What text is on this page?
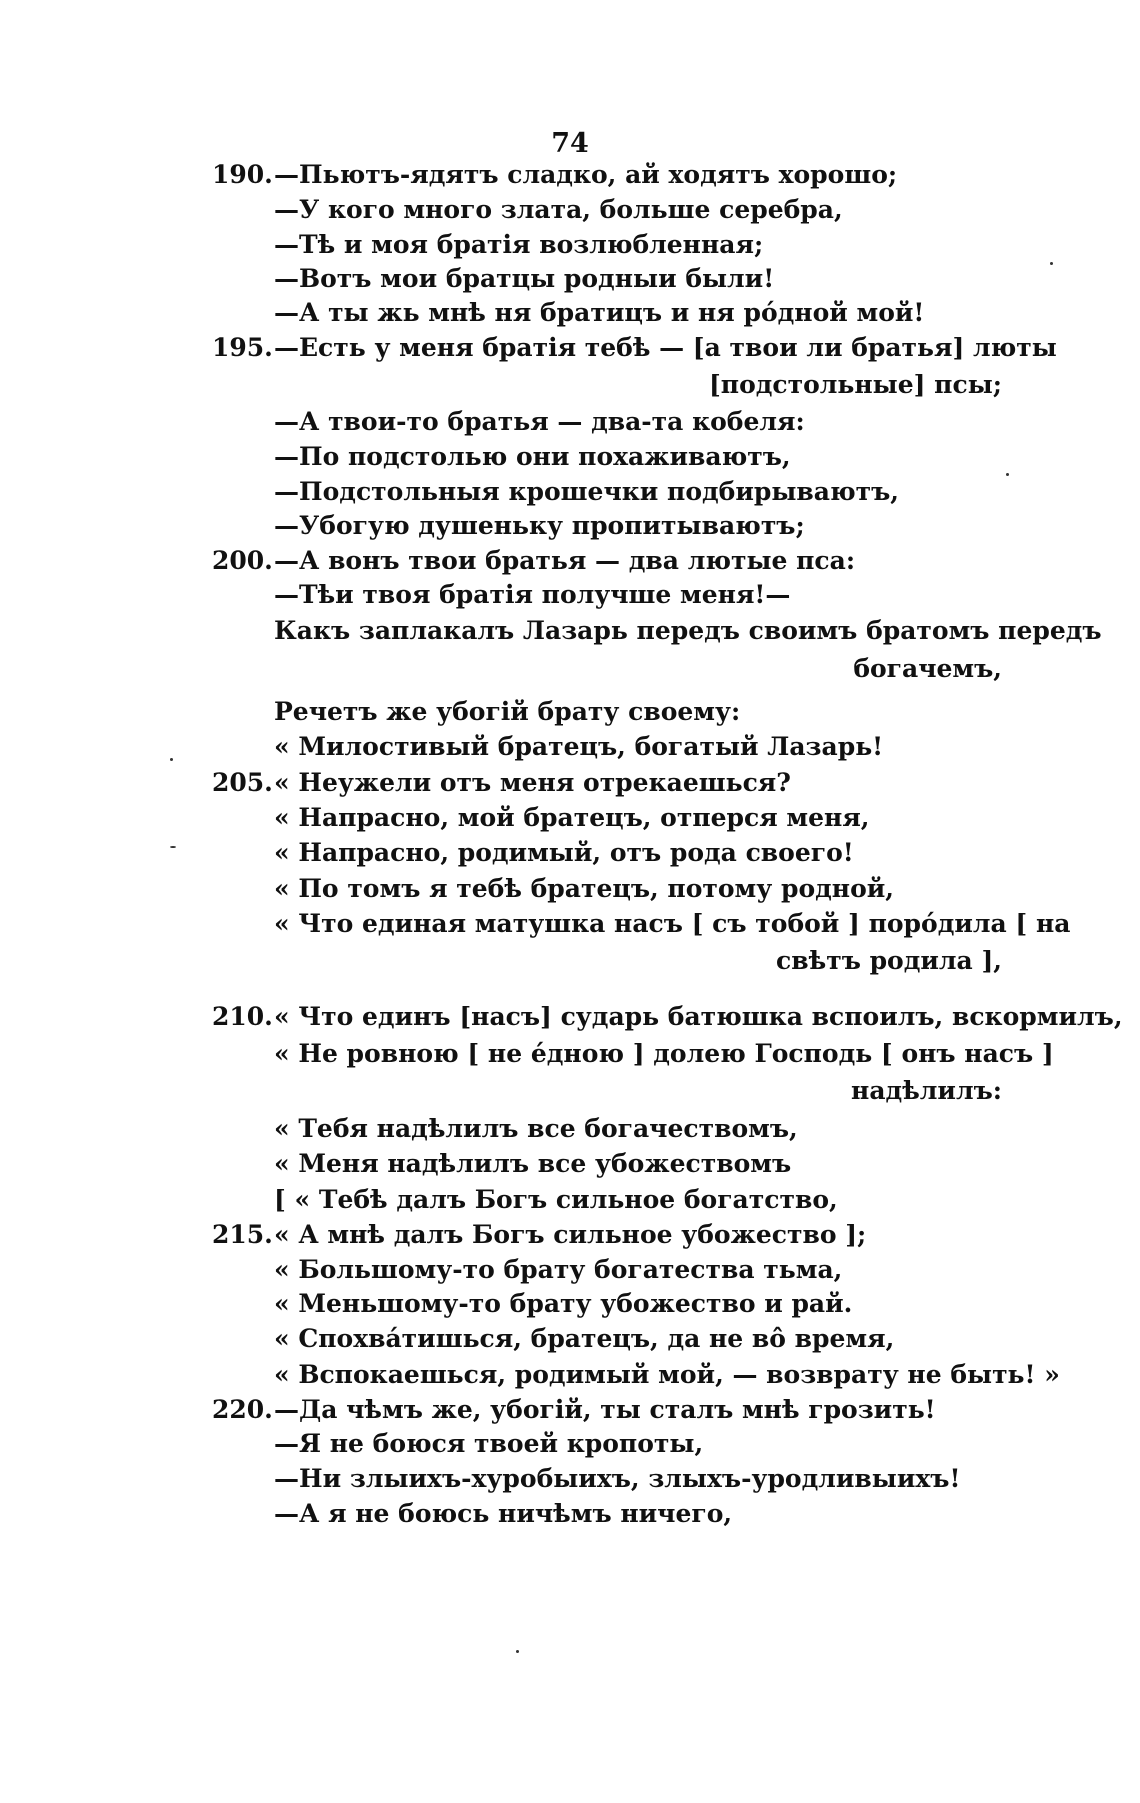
74
190.—Пьютъ-ядятъ сладко, ай ходятъ хорошо;
—У кого много злата, больше серебра,
—Тѣ и моя братія возлюбленная;
—Вотъ мои братцы родныи были!
—А ты жь мнѣ ня братицъ и ня ро́дной мой!
195.—Есть у меня братія тебѣ — [а твои ли братья] люты
[подстольные] псы;
—А твои-то братья — два-та кобеля:
—По подстолью они похаживаютъ,
—Подстольныя крошечки подбирываютъ,
—Убогую душеньку пропитываютъ;
200.—А вонъ твои братья — два лютые пса:
—Тѣи твоя братія получше меня!—
Какъ заплакалъ Лазарь передъ своимъ братомъ передъ
богачемъ,
Речетъ же убогій брату своему:
« Милостивый братецъ, богатый Лазарь!
205.« Неужели отъ меня отрекаешься?
« Напрасно, мой братецъ, отперся меня,
« Напрасно, родимый, отъ рода своего!
« По томъ я тебѣ братецъ, потому родной,
« Что единая матушка насъ [ съ тобой ] поро́дила [ на
свѣтъ родила ],
210.« Что единъ [насъ] сударь батюшка вспоилъ, вскормилъ,
« Не ровною [ не е́дною ] долею Господь [ онъ насъ ]
надѣлилъ:
« Тебя надѣлилъ все богачествомъ,
« Меня надѣлилъ все убожествомъ
[ « Тебѣ далъ Богъ сильное богатство,
215.« А мнѣ далъ Богъ сильное убожество ];
« Большому-то брату богатества тьма,
« Меньшому-то брату убожество и рай.
« Спохва́тишься, братецъ, да не во̂ время,
« Вспокаешься, родимый мой, — возврату не быть! »
220.—Да чѣмъ же, убогій, ты сталъ мнѣ грозить!
—Я не боюся твоей кропоты,
—Ни злыихъ-хуробыихъ, злыхъ-уродливыихъ!
—А я не боюсь ничѣмъ ничего,
